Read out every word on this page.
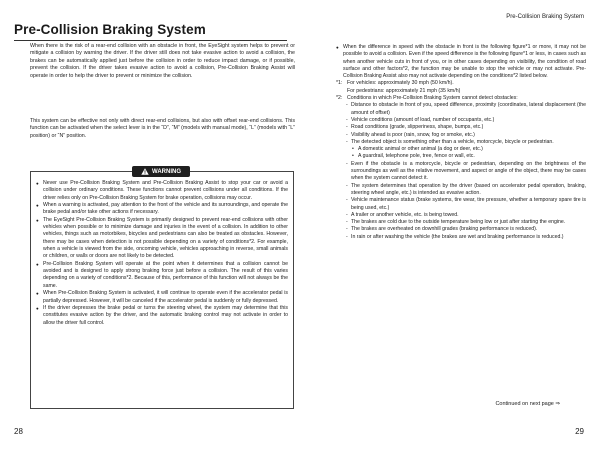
Pre-Collision Braking System

When there is the risk of a rear-end collision with an obstacle in front, the EyeSight system helps to prevent or mitigate a collision by warning the driver. If the driver still does not take evasive action to avoid a collision, the brakes can be automatically applied just before the collision in order to reduce impact damage, or if possible, prevent the collision. If the driver takes evasive action to avoid a collision, Pre-Collision Braking Assist will operate in order to help the driver to prevent or minimize the collision.

This system can be effective not only with direct rear-end collisions, but also with offset rear-end collisions. This function can be activated when the select lever is in the “D”, “M” (models with manual mode), “L” (models with “L” position) or “N” position.

WARNING
● Never use Pre-Collision Braking System and Pre-Collision Braking Assist to stop your car or avoid a collision under ordinary conditions. These functions cannot prevent collisions under all conditions. If the driver relies only on Pre-Collision Braking System for brake operation, collisions may occur.
● When a warning is activated, pay attention to the front of the vehicle and its surroundings, and operate the brake pedal and/or take other actions if necessary.
● The EyeSight Pre-Collision Braking System is primarily designed to prevent rear-end collisions with other vehicles when possible or to minimize damage and injuries in the event of a collision. In addition to other vehicles, things such as motorbikes, bicycles and pedestrians can also be treated as obstacles. However, there may be cases when detection is not possible depending on a variety of conditions*2. For example, when a vehicle is viewed from the side, oncoming vehicle, vehicles approaching in reverse, small animals or children, or walls or doors are not likely to be detected.
● Pre-Collision Braking System will operate at the point when it determines that a collision cannot be avoided and is designed to apply strong braking force just before a collision. The result of this varies depending on a variety of conditions*2. Because of this, performance of this function will not always be the same.
● When Pre-Collision Braking System is activated, it will continue to operate even if the accelerator pedal is partially depressed. However, it will be canceled if the accelerator pedal is suddenly or fully depressed.
● If the driver depresses the brake pedal or turns the steering wheel, the system may determine that this constitutes evasive action by the driver, and the automatic braking control may not activate in order to allow the driver full control.
28
Pre-Collision Braking System

● When the difference in speed with the obstacle in front is the following figure*1 or more, it may not be possible to avoid a collision. Even if the speed difference is the following figure*1 or less, in cases such as when another vehicle cuts in front of you, or in other cases depending on visibility, the condition of road surface and other factors*2, the function may be unable to stop the vehicle or may not activate. Pre-Collision Braking Assist also may not activate depending on the conditions*2 listed below.

*1: For vehicles: approximately 30 mph (50 km/h).

For pedestrians: approximately 21 mph (35 km/h)

*2: Conditions in which Pre-Collision Braking System cannot detect obstacles:

- Distance to obstacle in front of you, speed difference, proximity (coordinates, lateral displacement (the amount of offset)

- Vehicle conditions (amount of load, number of occupants, etc.)

- Road conditions (grade, slipperiness, shape, bumps, etc.)

- Visibility ahead is poor (rain, snow, fog or smoke, etc.)

- The detected object is something other than a vehicle, motorcycle, bicycle or pedestrian.

• A domestic animal or other animal (a dog or deer, etc.)

• A guardrail, telephone pole, tree, fence or wall, etc.

- Even if the obstacle is a motorcycle, bicycle or pedestrian, depending on the brightness of the surroundings as well as the relative movement, and aspect or angle of the object, there may be cases when the system cannot detect it.

- The system determines that operation by the driver (based on accelerator pedal operation, braking, steering wheel angle, etc.) is intended as evasive action.

- Vehicle maintenance status (brake systems, tire wear, tire pressure, whether a temporary spare tire is being used, etc.)

- A trailer or another vehicle, etc. is being towed.

- The brakes are cold due to the outside temperature being low or just after starting the engine.

- The brakes are overheated on downhill grades (braking performance is reduced).

- In rain or after washing the vehicle (the brakes are wet and braking performance is reduced.)

Continued on next page ⇒
29
